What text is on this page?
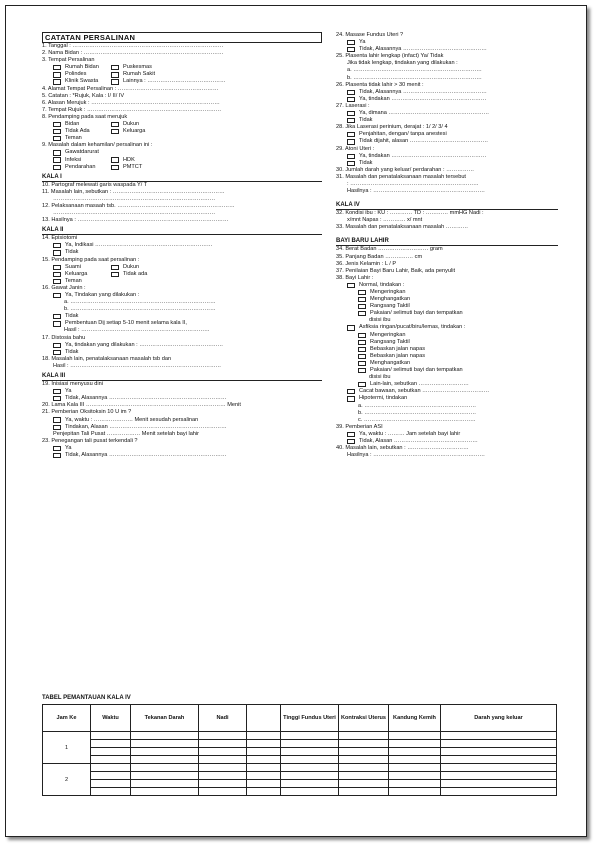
CATATAN PERSALINAN
1. Tanggal : ………………………………………………………………………
2. Nama Bidan : …………………………………………………………………
3. Tempat Persalinan
Rumah Bidan	Puskesmas
Polindes	Rumah Sakit
Klinik Swasta	Lainnya : ……………………………………
4. Alamat Tempat Persalinan : ………………………………………………
5. Catatan : *Rujuk, Kala : I/ II/ IV
6. Alasan Merujuk : ……………………………………………………………
7. Tempat Rujuk : ………………………………………………………………
8. Pendamping pada saat merujuk
Bidan	Dukun
Tidak Ada	Keluarga
Teman
9. Masalah dalam kehamilan/ persalinan ini :
Gawatdarurat
Infeksi	HDK
Pendarahan	PMTCT
KALA I
10. Partograf melewati garis waspada Y/ T
11. Masalah lain, sebutkan : ……………………………………………………
……………………………………………………………………………
12. Pelaksanaan masaah tsb. ………………………………………………………
……………………………………………………………………………
13. Hasilnya : ………………………………………………………………………
KALA II
14. Episiotomi
Ya, Indikasi ………………………………………………………
Tidak
15. Pendamping pada saat persalinan :
Suami	Dukun
Keluarga	Tidak ada
Teman
16. Gawat Janin :
Ya, Tindakan yang dilakukan :
a. ……………………………………………………………………
b. ……………………………………………………………………
Tidak
Pembentuan Dij setiap 5-10 menit selama kala II,
Hasil : ……………………………………………………………
17. Distosia bahu
Ya, tindakan yang dilakukan : ………………………………………
Tidak
18. Masalah lain, penatalaksanaan masalah tsb dan
Hasil : ………………………………………………………………………
KALA III
19. Inisiasi menyusu dini
Ya
Tidak, Alasannya ………………………………………………………
20. Lama Kala III ………………………………………………………………… Menit
21. Pemberian Oksitoksin 10 U im ?
Ya, waktu : ………………… Menit sesudah persalinan
Tindakan, Alasan ………………………………………………………
Penjepitan Tali Pusat ……………… Menit setelah bayi lahir
23. Penegangan tali pusat terkendali ?
Ya
Tidak, Alasannya ………………………………………………………
24. Masase Fundus Uteri ?
Ya
Tidak, Alasannya ………………………………………
25. Plasenta lahir lengkap (infact) Ya/ Tidak
Jika tidak lengkap, tindakan yang dilakukan :
a. ……………………………………………………………
b. ……………………………………………………………
26. Plasenta tidak lahir > 30 menit :
Tidak, Alasannya ………………………………………
Ya, tindakan ……………………………………………
27. Laserasi :
Ya, dimana ………………………………………………
Tidak
28. Jika Laserasi perinium, derajat : 1/ 2/ 3/ 4
Penjahitan, dengan/ tanpa anestesi
Tidak dijahit, alasan ……………………………………
29. Atoni Uteri :
Ya, tindakan ……………………………………………
Tidak
30. Jumlah darah yang keluar/ perdarahan : ……………
31. Masalah dan penatalaksanaan masalah tersebut
: ……………………………………………………………
Hasilnya : ……………………………………………………
KALA IV
32. Kondisi ibu : KU : ………… TD : ………… mmHG Nadi :
x/mnt Napas : ………… x/ mnt
33. Masalah dan penatalaksanaan masalah …………
BAYI BARU LAHIR
34. Berat Badan ……………………… gram
35. Panjang Badan …………… cm
36. Jenis Kelamin : L / P
37. Penilaian Bayi Baru Lahir, Baik, ada penyulit
38. Bayi Lahir :
Normal, tindakan :
Mengeringkan
Menghangatkan
Rangsang Taktil
Pakaian/ selimuti bayi dan tempatkan
disisi ibu
Asfiksia ringan/pucat/biru/lemas, tindakan :
Mengeringkan
Rangsang Taktil
Bebaskan jalan napas
Bebaskan jalan napas
Menghangatkan
Pakaian/ selimuti bayi dan tempatkan
disisi ibu
Lain-lain, sebutkan ………………………
Cacat bawaan, sebutkan ………………………………
Hipotermi, tindakan
a. ……………………………………………………
b. ……………………………………………………
c. ……………………………………………………
39. Pemberian ASI
Ya, waktu : ……… Jam setelah bayi lahir
Tidak, Alasan ………………………………………
40. Masalah lain, sebutkan : ……………………………
Hasilnya : ……………………………………………………
TABEL PEMANTAUAN KALA IV
Jam Ke	Waktu	Tekanan Darah	Nadi		Tinggi Fundus Uteri	Kontraksi Uterus	Kandung Kemih	Darah yang keluar
1								

2								
